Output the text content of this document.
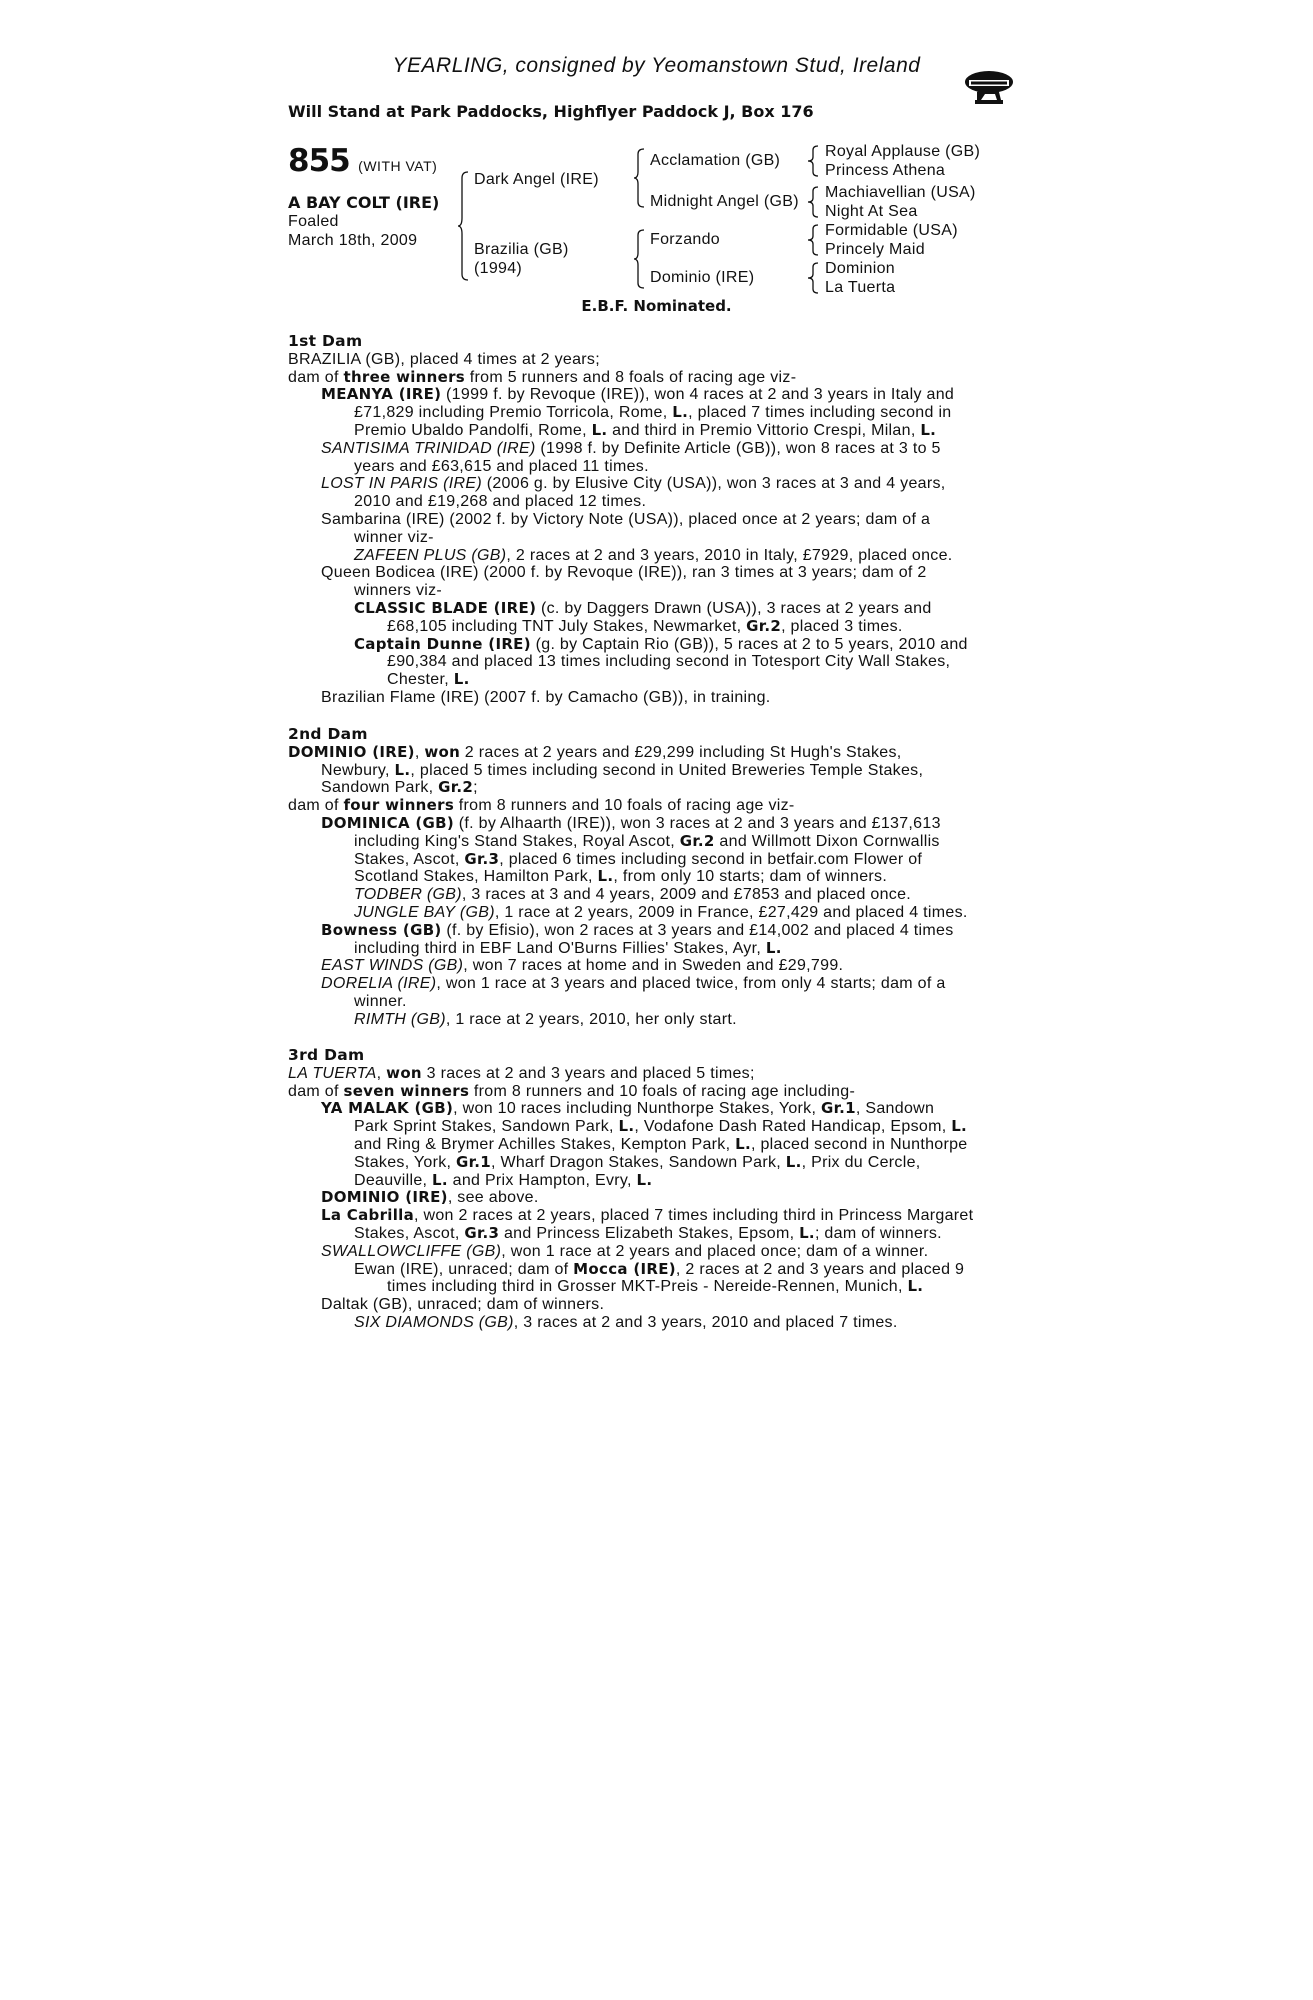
YEARLING, consigned by Yeomanstown Stud, Ireland
Will Stand at Park Paddocks, Highflyer Paddock J, Box 176
855 (WITH VAT)
A BAY COLT (IRE)
Foaled
March 18th, 2009
Dark Angel (IRE)
Brazilia (GB)
(1994)
Acclamation (GB)
Midnight Angel (GB)
Forzando
Dominio (IRE)
Royal Applause (GB)
Princess Athena
Machiavellian (USA)
Night At Sea
Formidable (USA)
Princely Maid
Dominion
La Tuerta
E.B.F. Nominated.
1st Dam
BRAZILIA (GB), placed 4 times at 2 years;
dam of three winners from 5 runners and 8 foals of racing age viz-
MEANYA (IRE) (1999 f. by Revoque (IRE)), won 4 races at 2 and 3 years in Italy and
£71,829 including Premio Torricola, Rome, L., placed 7 times including second in
Premio Ubaldo Pandolfi, Rome, L. and third in Premio Vittorio Crespi, Milan, L.
SANTISIMA TRINIDAD (IRE) (1998 f. by Definite Article (GB)), won 8 races at 3 to 5
years and £63,615 and placed 11 times.
LOST IN PARIS (IRE) (2006 g. by Elusive City (USA)), won 3 races at 3 and 4 years,
2010 and £19,268 and placed 12 times.
Sambarina (IRE) (2002 f. by Victory Note (USA)), placed once at 2 years; dam of a
winner viz-
ZAFEEN PLUS (GB), 2 races at 2 and 3 years, 2010 in Italy, £7929, placed once.
Queen Bodicea (IRE) (2000 f. by Revoque (IRE)), ran 3 times at 3 years; dam of 2
winners viz-
CLASSIC BLADE (IRE) (c. by Daggers Drawn (USA)), 3 races at 2 years and
£68,105 including TNT July Stakes, Newmarket, Gr.2, placed 3 times.
Captain Dunne (IRE) (g. by Captain Rio (GB)), 5 races at 2 to 5 years, 2010 and
£90,384 and placed 13 times including second in Totesport City Wall Stakes,
Chester, L.
Brazilian Flame (IRE) (2007 f. by Camacho (GB)), in training.
2nd Dam
DOMINIO (IRE), won 2 races at 2 years and £29,299 including St Hugh's Stakes,
Newbury, L., placed 5 times including second in United Breweries Temple Stakes,
Sandown Park, Gr.2;
dam of four winners from 8 runners and 10 foals of racing age viz-
DOMINICA (GB) (f. by Alhaarth (IRE)), won 3 races at 2 and 3 years and £137,613
including King's Stand Stakes, Royal Ascot, Gr.2 and Willmott Dixon Cornwallis
Stakes, Ascot, Gr.3, placed 6 times including second in betfair.com Flower of
Scotland Stakes, Hamilton Park, L., from only 10 starts; dam of winners.
TODBER (GB), 3 races at 3 and 4 years, 2009 and £7853 and placed once.
JUNGLE BAY (GB), 1 race at 2 years, 2009 in France, £27,429 and placed 4 times.
Bowness (GB) (f. by Efisio), won 2 races at 3 years and £14,002 and placed 4 times
including third in EBF Land O'Burns Fillies' Stakes, Ayr, L.
EAST WINDS (GB), won 7 races at home and in Sweden and £29,799.
DORELIA (IRE), won 1 race at 3 years and placed twice, from only 4 starts; dam of a
winner.
RIMTH (GB), 1 race at 2 years, 2010, her only start.
3rd Dam
LA TUERTA, won 3 races at 2 and 3 years and placed 5 times;
dam of seven winners from 8 runners and 10 foals of racing age including-
YA MALAK (GB), won 10 races including Nunthorpe Stakes, York, Gr.1, Sandown
Park Sprint Stakes, Sandown Park, L., Vodafone Dash Rated Handicap, Epsom, L.
and Ring & Brymer Achilles Stakes, Kempton Park, L., placed second in Nunthorpe
Stakes, York, Gr.1, Wharf Dragon Stakes, Sandown Park, L., Prix du Cercle,
Deauville, L. and Prix Hampton, Evry, L.
DOMINIO (IRE), see above.
La Cabrilla, won 2 races at 2 years, placed 7 times including third in Princess Margaret
Stakes, Ascot, Gr.3 and Princess Elizabeth Stakes, Epsom, L.; dam of winners.
SWALLOWCLIFFE (GB), won 1 race at 2 years and placed once; dam of a winner.
Ewan (IRE), unraced; dam of Mocca (IRE), 2 races at 2 and 3 years and placed 9
times including third in Grosser MKT-Preis - Nereide-Rennen, Munich, L.
Daltak (GB), unraced; dam of winners.
SIX DIAMONDS (GB), 3 races at 2 and 3 years, 2010 and placed 7 times.
